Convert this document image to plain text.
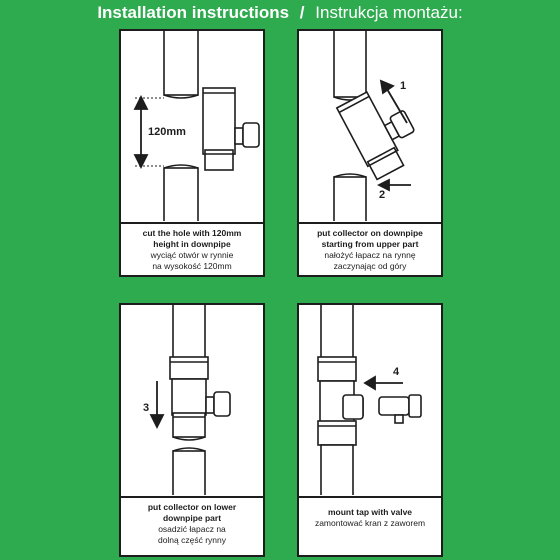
Installation instructions / Instrukcja montażu:
120mm
cut the hole with 120mm
height in downpipe
wyciąć otwór w rynnie
na wysokość 120mm
1
2
put collector on downpipe
starting from upper part
nałożyć łapacz na rynnę
zaczynając od góry
3
put collector on lower
downpipe part
osadzić łapacz na
dolną część rynny
4
mount tap with valve
zamontować kran z zaworem
